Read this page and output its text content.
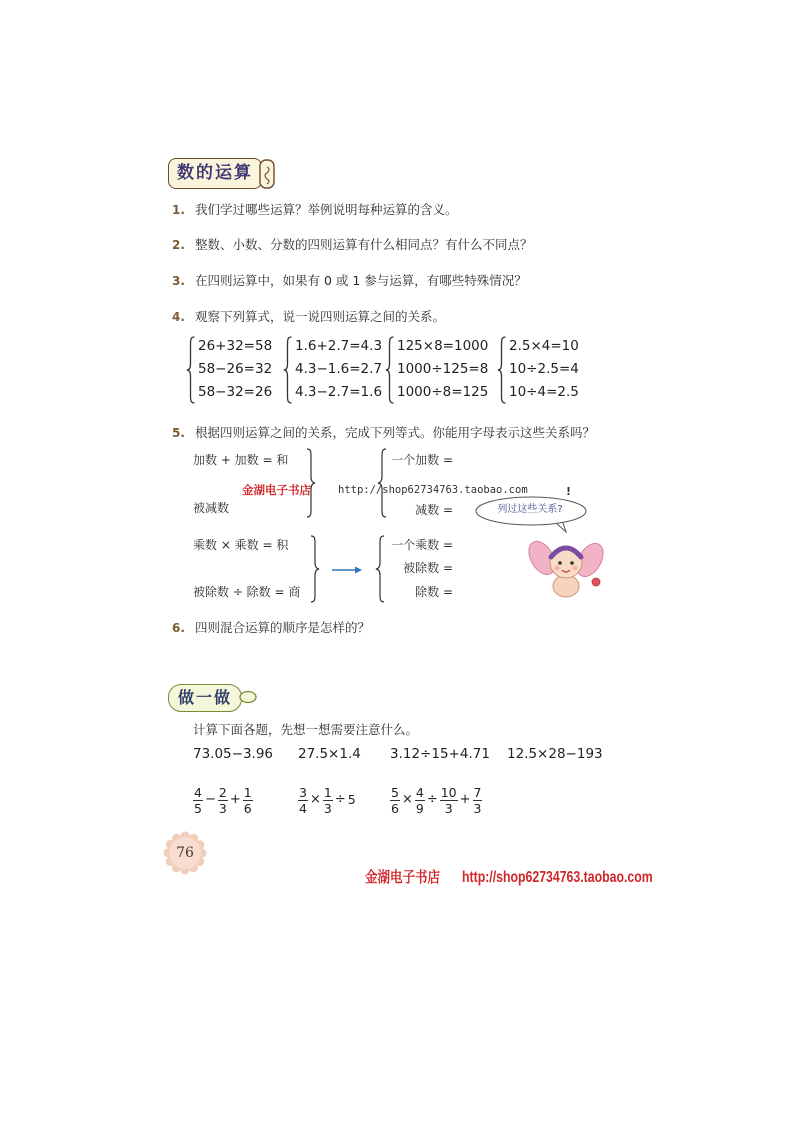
数的运算
1. 我们学过哪些运算？举例说明每种运算的含义。
2. 整数、小数、分数的四则运算有什么相同点？有什么不同点？
3. 在四则运算中，如果有 0 或 1 参与运算，有哪些特殊情况？
4. 观察下列算式，说一说四则运算之间的关系。
26+32=58
58−26=32
58−32=26
1.6+2.7=4.3
4.3−1.6=2.7
4.3−2.7=1.6
125×8=1000
1000÷125=8
1000÷8=125
2.5×4=10
10÷2.5=4
10÷4=2.5
5. 根据四则运算之间的关系，完成下列等式。你能用字母表示这些关系吗？
加数 + 加数 = 和
被减数
一个加数 =
减数 =
金湖电子书店	http://shop62734763.taobao.com
列过这些关系?
!
乘数 × 乘数 = 积
被除数 ÷ 除数 = 商
一个乘数 =
被除数 =
除数 =
6. 四则混合运算的顺序是怎样的？
做一做
计算下面各题，先想一想需要注意什么。
73.05−3.96 27.5×1.4 3.12÷15+4.71 12.5×28−193
$\frac{4}{5} - \frac{2}{3} + \frac{1}{6}$	$\frac{3}{4} \times \frac{1}{3} \div 5$	$\frac{5}{6} \times \frac{4}{9} \div \frac{10}{3} + \frac{7}{3}$
76
金湖电子书店 http://shop62734763.taobao.com
